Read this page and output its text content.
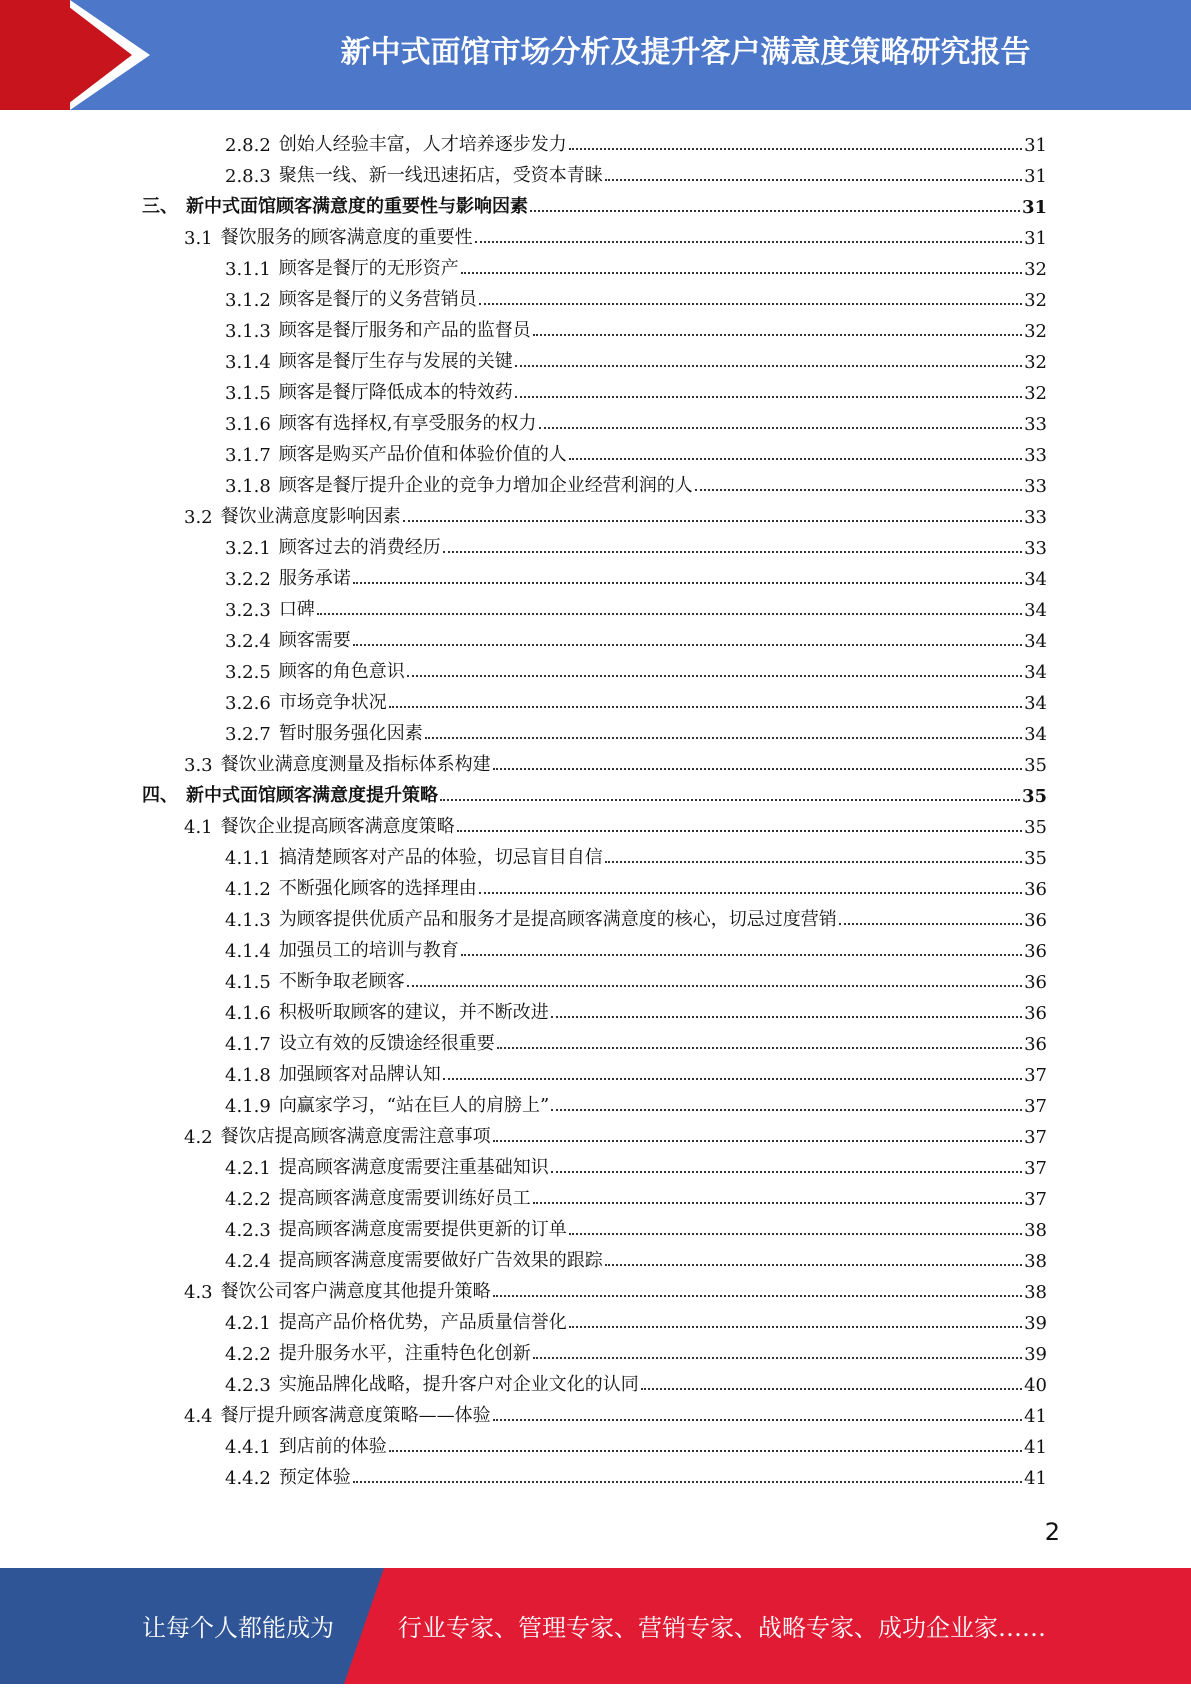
新中式面馆市场分析及提升客户满意度策略研究报告
2.8.2 创始人经验丰富，人才培养逐步发力	31
2.8.3 聚焦一线、新一线迅速拓店，受资本青睐	31
三、 新中式面馆顾客满意度的重要性与影响因素	31
3.1 餐饮服务的顾客满意度的重要性	31
3.1.1 顾客是餐厅的无形资产	32
3.1.2 顾客是餐厅的义务营销员	32
3.1.3 顾客是餐厅服务和产品的监督员	32
3.1.4 顾客是餐厅生存与发展的关键	32
3.1.5 顾客是餐厅降低成本的特效药	32
3.1.6 顾客有选择权,有享受服务的权力	33
3.1.7 顾客是购买产品价值和体验价值的人	33
3.1.8 顾客是餐厅提升企业的竞争力增加企业经营利润的人	33
3.2 餐饮业满意度影响因素	33
3.2.1 顾客过去的消费经历	33
3.2.2 服务承诺	34
3.2.3 口碑	34
3.2.4 顾客需要	34
3.2.5 顾客的角色意识	34
3.2.6 市场竞争状况	34
3.2.7 暂时服务强化因素	34
3.3 餐饮业满意度测量及指标体系构建	35
四、 新中式面馆顾客满意度提升策略	35
4.1 餐饮企业提高顾客满意度策略	35
4.1.1 搞清楚顾客对产品的体验，切忌盲目自信	35
4.1.2 不断强化顾客的选择理由	36
4.1.3 为顾客提供优质产品和服务才是提高顾客满意度的核心，切忌过度营销	36
4.1.4 加强员工的培训与教育	36
4.1.5 不断争取老顾客	36
4.1.6 积极听取顾客的建议，并不断改进	36
4.1.7 设立有效的反馈途经很重要	36
4.1.8 加强顾客对品牌认知	37
4.1.9 向赢家学习，“站在巨人的肩膀上”	37
4.2 餐饮店提高顾客满意度需注意事项	37
4.2.1 提高顾客满意度需要注重基础知识	37
4.2.2 提高顾客满意度需要训练好员工	37
4.2.3 提高顾客满意度需要提供更新的订单	38
4.2.4 提高顾客满意度需要做好广告效果的跟踪	38
4.3 餐饮公司客户满意度其他提升策略	38
4.2.1 提高产品价格优势，产品质量信誉化	39
4.2.2 提升服务水平，注重特色化创新	39
4.2.3 实施品牌化战略，提升客户对企业文化的认同	40
4.4 餐厅提升顾客满意度策略——体验	41
4.4.1 到店前的体验	41
4.4.2 预定体验	41
2
让每个人都能成为	行业专家、管理专家、营销专家、战略专家、成功企业家……
